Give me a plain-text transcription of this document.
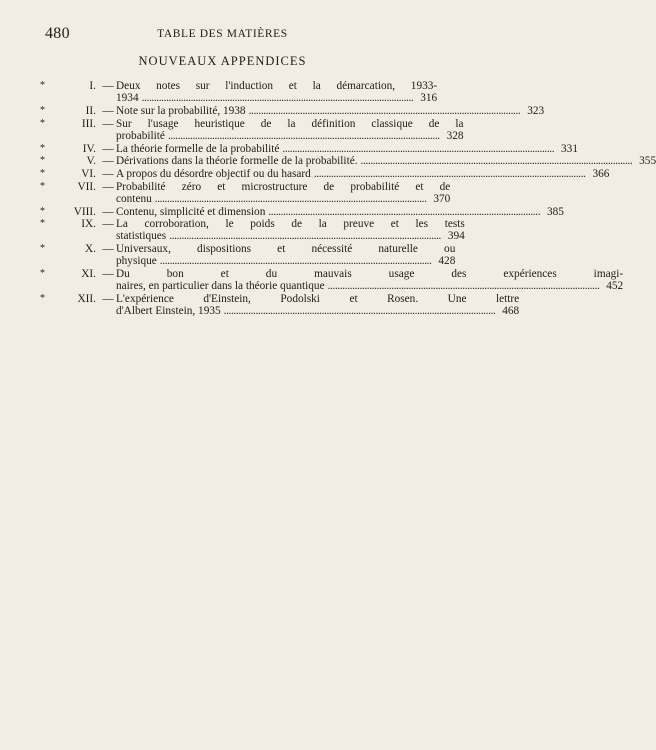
480	TABLE DES MATIÈRES
NOUVEAUX APPENDICES
*	I. — Deux notes sur l'induction et la démarcation, 1933-
1934 . . .	316
*	II. — Note sur la probabilité, 1938 . . .	323
*	III. — Sur l'usage heuristique de la définition classique de la
probabilité . . .	328
*	IV. — La théorie formelle de la probabilité . . .	331
*	V. — Dérivations dans la théorie formelle de la probabilité. . . .	355
*	VI. — A propos du désordre objectif ou du hasard . . .	366
*	VII. — Probabilité zéro et microstructure de probabilité et de
contenu . . .	370
*	VIII. — Contenu, simplicité et dimension . . .	385
*	IX. — La corroboration, le poids de la preuve et les tests
statistiques . . .	394
*	X. — Universaux, dispositions et nécessité naturelle ou
physique . . .	428
*	XI. — Du bon et du mauvais usage des expériences imagi-
naires, en particulier dans la théorie quantique . . .	452
*	XII. — L'expérience d'Einstein, Podolski et Rosen. Une lettre
d'Albert Einstein, 1935 . . .	468
